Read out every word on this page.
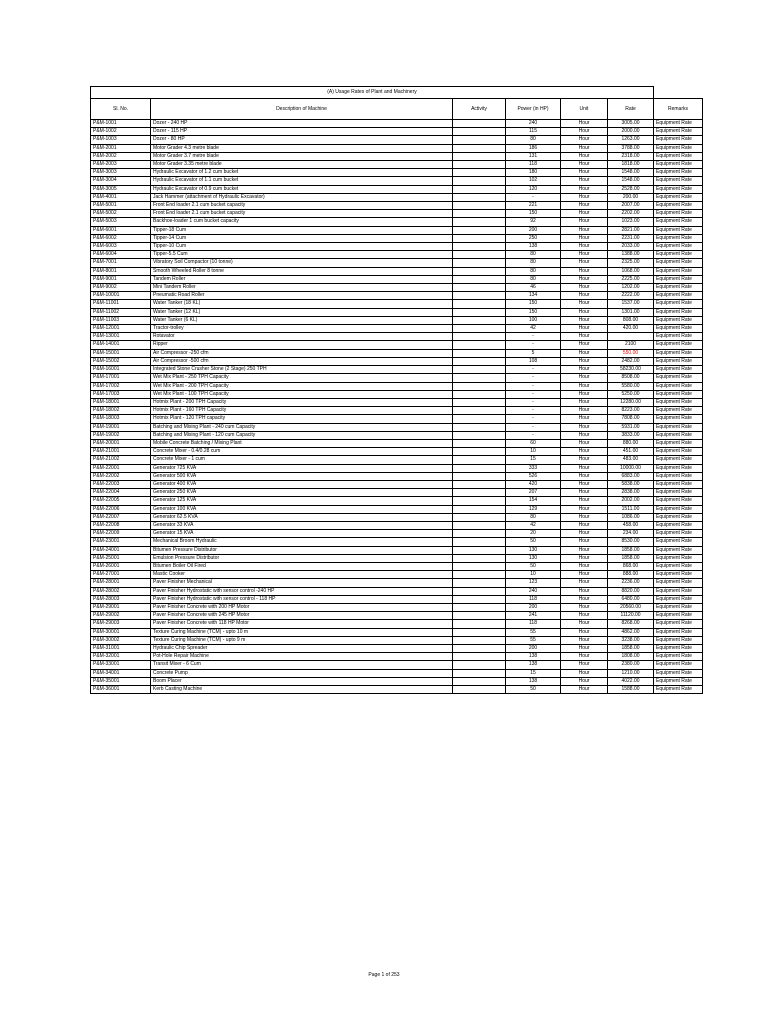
(A) Usage Rates of Plant and Machinery						
Sl. No.	Description of Machine	Activity	Power (in HP)	Unit	Rate	Remarks
P&M-1001	Dozer - 240 HP		240	Hour	3005.00	Equipment Rate
P&M-1002	Dozer - 115 HP		115	Hour	2000.00	Equipment Rate
P&M-1003	Dozer - 80 HP		80	Hour	1263.00	Equipment Rate
P&M-2001	Motor Grader 4.3 metre blade		186	Hour	3788.00	Equipment Rate
P&M-2002	Motor Grader 3.7 metre blade		131	Hour	2318.00	Equipment Rate
P&M-2003	Motor Grader 3.35 metre blade		118	Hour	1818.00	Equipment Rate
P&M-3003	Hydraulic Excavator of 1.2 cum bucket		180	Hour	1548.00	Equipment Rate
P&M-3004	Hydraulic Excavator of 1.1 cum bucket		102	Hour	1548.00	Equipment Rate
P&M-3005	Hydraulic Excavator of 0.9 cum bucket		120	Hour	2528.00	Equipment Rate
P&M-4001	Jack Hammer (attachment of Hydraulic Excavator)		-	Hour	200.00	Equipment Rate
P&M-5001	Front End loader 2.1 cum bucket capacity		221	Hour	2007.00	Equipment Rate
P&M-5002	Front End loader 2.1 cum bucket capacity		150	Hour	2202.00	Equipment Rate
P&M-5003	Backhoe-loader 1 cum bucket capacity		92	Hour	1023.00	Equipment Rate
P&M-6001	Tipper-18 Cum		200	Hour	2821.00	Equipment Rate
P&M-6002	Tipper-14 Cum		250	Hour	2231.00	Equipment Rate
P&M-6003	Tipper-10 Cum		138	Hour	2033.00	Equipment Rate
P&M-6004	Tipper-5.5 Cum		80	Hour	1388.00	Equipment Rate
P&M-7001	Vibratory Soil Compactor (10 tonne)		80	Hour	2325.00	Equipment Rate
P&M-8001	Smooth Wheeled Roller 8 tonne		80	Hour	1068.00	Equipment Rate
P&M-9001	Tandem Roller		80	Hour	2225.00	Equipment Rate
P&M-9002	Mini Tandem Roller		46	Hour	1202.00	Equipment Rate
P&M-10001	Pneumatic Road Roller		134	Hour	2222.00	Equipment Rate
P&M-11001	Water Tanker (18 KL)		150	Hour	1537.00	Equipment Rate
P&M-11002	Water Tanker (12 KL)		150	Hour	1301.00	Equipment Rate
P&M-11003	Water Tanker (6 KL)		100	Hour	808.00	Equipment Rate
P&M-12001	Tractor-trolley		42	Hour	420.00	Equipment Rate
P&M-13001	Rotavator		-	Hour		Equipment Rate
P&M-14001	Ripper		-	Hour	2100	Equipment Rate
P&M-15001	Air Compressor -250 cfm		5	Hour	550.00	Equipment Rate
P&M-15002	Air Compressor -500 cfm		108	Hour	2482.00	Equipment Rate
P&M-16001	Integrated Stone Crusher Stone (2 Stage) 250 TPH		-	Hour	58230.00	Equipment Rate
P&M-17001	Wet Mix Plant - 250 TPH Capacity		-	Hour	8508.00	Equipment Rate
P&M-17002	Wet Mix Plant - 200 TPH Capacity		-	Hour	5580.00	Equipment Rate
P&M-17003	Wet Mix Plant - 100 TPH Capacity		-	Hour	5250.00	Equipment Rate
P&M-18001	Hotmix Plant - 200 TPH Capacity		-	Hour	12280.00	Equipment Rate
P&M-18002	Hotmix Plant - 160 TPH Capacity		-	Hour	8223.00	Equipment Rate
P&M-18003	Hotmix Plant - 120 TPH capacity		-	Hour	7808.00	Equipment Rate
P&M-19001	Batching and Mixing Plant - 240 cum Capacity		-	Hour	5931.00	Equipment Rate
P&M-19002	Batching and Mixing Plant - 120 cum Capacity		-	Hour	3833.00	Equipment Rate
P&M-20001	Mobile Concrete Batching / Mixing Plant		60	Hour	880.00	Equipment Rate
P&M-21001	Concrete Mixer - 0.4/0.28 cum		10	Hour	451.00	Equipment Rate
P&M-21002	Concrete Mixer - 1 cum		15	Hour	483.00	Equipment Rate
P&M-22001	Generator 725 KVA		333	Hour	10000.00	Equipment Rate
P&M-22002	Generator 500 KVA		526	Hour	6883.00	Equipment Rate
P&M-22003	Generator 400 KVA		420	Hour	5838.00	Equipment Rate
P&M-22004	Generator 250 KVA		207	Hour	2838.00	Equipment Rate
P&M-22005	Generator 125 KVA		154	Hour	2002.00	Equipment Rate
P&M-22006	Generator 100 KVA		129	Hour	1511.00	Equipment Rate
P&M-22007	Generator 62.5 KVA		80	Hour	1086.00	Equipment Rate
P&M-22008	Generator 33 KVA		42	Hour	458.00	Equipment Rate
P&M-22009	Generator 15 KVA		20	Hour	234.00	Equipment Rate
P&M-23001	Mechanical Broom Hydraulic		50	Hour	8530.00	Equipment Rate
P&M-24001	Bitumen Pressure Distributor		130	Hour	1858.00	Equipment Rate
P&M-25001	Emulsion Pressure Distributor		130	Hour	1858.00	Equipment Rate
P&M-26001	Bitumen Boiler Oil Fired		50	Hour	868.00	Equipment Rate
P&M-27001	Mastic Cooker		10	Hour	888.00	Equipment Rate
P&M-28001	Paver Finisher Mechanical		123	Hour	2236.00	Equipment Rate
P&M-28002	Paver Finisher Hydrostatic with sensor control -240 HP		240	Hour	8820.00	Equipment Rate
P&M-28003	Paver Finisher Hydrostatic with sensor control - 118 HP		118	Hour	6480.00	Equipment Rate
P&M-29001	Paver Finisher Concrete with 200 HP Motor		200	Hour	20560.00	Equipment Rate
P&M-29002	Paver Finisher Concrete with 245 HP Motor		241	Hour	11120.00	Equipment Rate
P&M-29003	Paver Finisher Concrete with 118 HP Motor		118	Hour	8268.00	Equipment Rate
P&M-30001	Texture Curing Machine (TCM) - upto 10 m		55	Hour	4862.00	Equipment Rate
P&M-30002	Texture Curing Machine (TCM) - upto 9 m		55	Hour	3238.00	Equipment Rate
P&M-31001	Hydraulic Chip Spreader		200	Hour	1858.00	Equipment Rate
P&M-32001	Pot-Hole Repair Machine		138	Hour	1808.00	Equipment Rate
P&M-33001	Transit Mixer - 6 Cum		138	Hour	2380.00	Equipment Rate
P&M-34001	Concrete Pump		15	Hour	1210.00	Equipment Rate
P&M-35001	Boom Placer		138	Hour	4022.00	Equipment Rate
P&M-36001	Kerb Casting Machine		50	Hour	1588.00	Equipment Rate
Page 1 of 253
